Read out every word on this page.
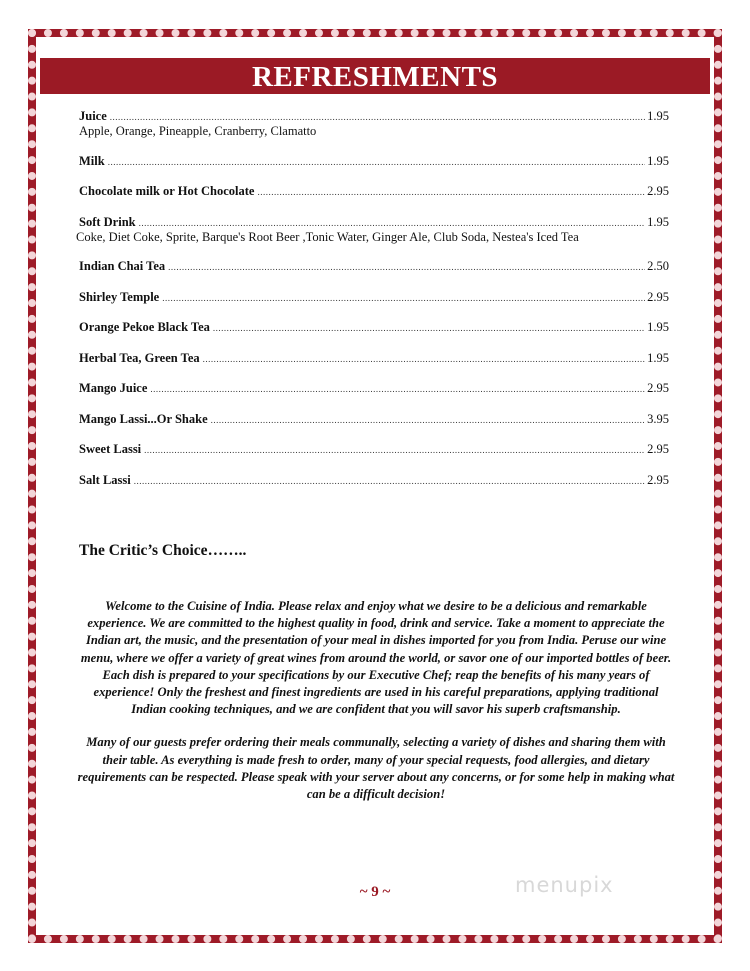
REFRESHMENTS
Juice .....	1.95
Apple, Orange, Pineapple, Cranberry, Clamatto
Milk .....	1.95
Chocolate milk or Hot Chocolate .....	2.95
Soft Drink .....	1.95
Coke, Diet Coke, Sprite, Barque's Root Beer ,Tonic Water, Ginger Ale, Club Soda, Nestea's Iced Tea
Indian Chai Tea .....	2.50
Shirley Temple .....	2.95
Orange Pekoe Black Tea .....	1.95
Herbal Tea, Green Tea .....	1.95
Mango Juice .....	2.95
Mango Lassi...Or Shake .....	3.95
Sweet Lassi .....	2.95
Salt Lassi .....	2.95
The Critic’s Choice……..

Welcome to the Cuisine of India. Please relax and enjoy what we desire to be a delicious and remarkable experience. We are committed to the highest quality in food, drink and service. Take a moment to appreciate the Indian art, the music, and the presentation of your meal in dishes imported for you from India. Peruse our wine menu, where we offer a variety of great wines from around the world, or savor one of our imported bottles of beer. Each dish is prepared to your specifications by our Executive Chef; reap the benefits of his many years of experience! Only the freshest and finest ingredients are used in his careful preparations, applying traditional Indian cooking techniques, and we are confident that you will savor his superb craftsmanship.

Many of our guests prefer ordering their meals communally, selecting a variety of dishes and sharing them with their table. As everything is made fresh to order, many of your special requests, food allergies, and dietary requirements can be respected. Please speak with your server about any concerns, or for some help in making what can be a difficult decision!

~ 9 ~	menupix
